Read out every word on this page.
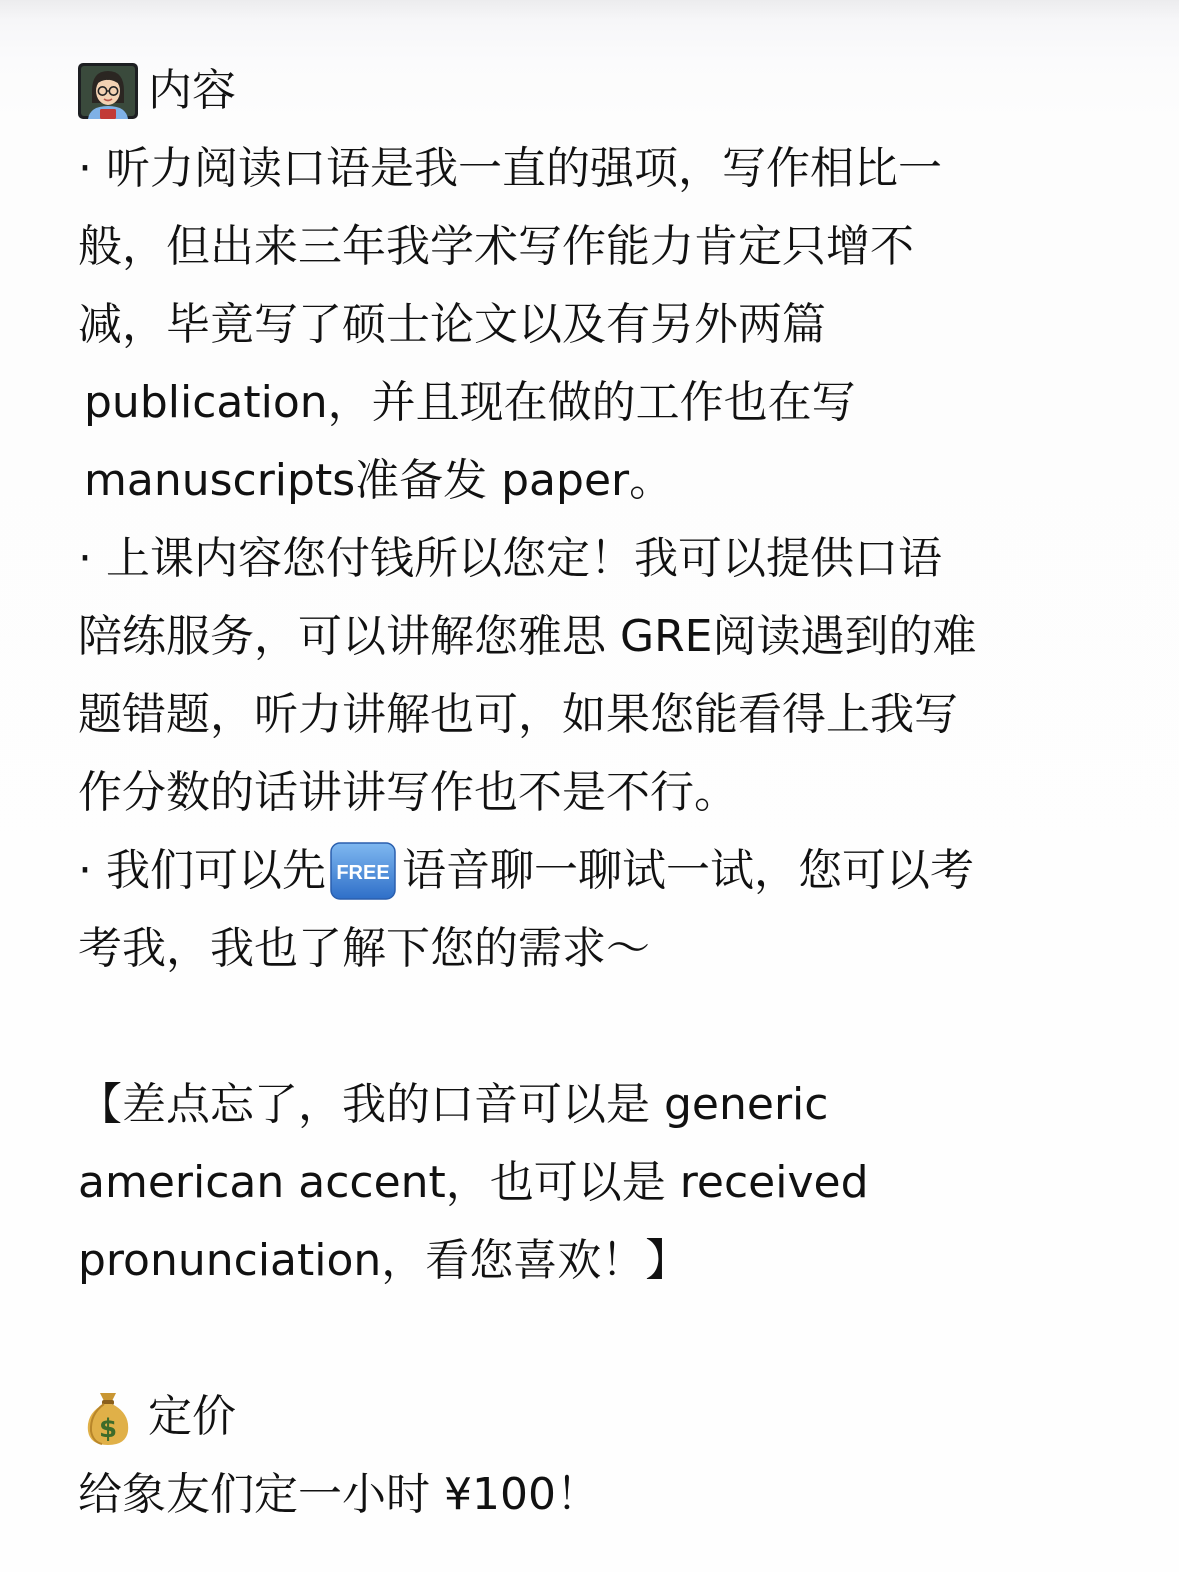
内容
· 听力阅读口语是我一直的强项，写作相比一
般，但出来三年我学术写作能力肯定只增不
减，毕竟写了硕士论文以及有另外两篇
publication，并且现在做的工作也在写
manuscripts准备发 paper。
· 上课内容您付钱所以您定！我可以提供口语
陪练服务，可以讲解您雅思 GRE阅读遇到的难
题错题，听力讲解也可，如果您能看得上我写
作分数的话讲讲写作也不是不行。
· 我们可以先 FREE 语音聊一聊试一试，您可以考
考我，我也了解下您的需求～
【差点忘了，我的口音可以是 generic
american accent，也可以是 received
pronunciation，看您喜欢！】
$ 定价
给象友们定一小时 ¥100！
